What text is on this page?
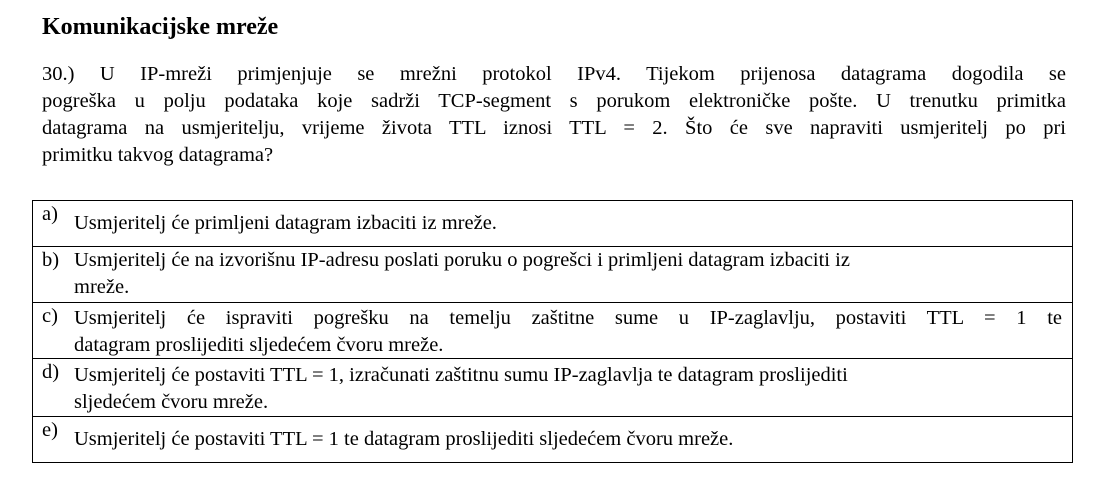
Komunikacijske mreže
30.) U IP-mreži primjenjuje se mrežni protokol IPv4. Tijekom prijenosa datagrama dogodila se
pogreška u polju podataka koje sadrži TCP-segment s porukom elektroničke pošte. U trenutku primitka
datagrama na usmjeritelju, vrijeme života TTL iznosi TTL = 2. Što će sve napraviti usmjeritelj po pri
primitku takvog datagrama?
a) Usmjeritelj će primljeni datagram izbaciti iz mreže.
b) Usmjeritelj će na izvorišnu IP-adresu poslati poruku o pogrešci i primljeni datagram izbaciti iz
mreže.
c) Usmjeritelj će ispraviti pogrešku na temelju zaštitne sume u IP-zaglavlju, postaviti TTL = 1 te
datagram proslijediti sljedećem čvoru mreže.
d) Usmjeritelj će postaviti TTL = 1, izračunati zaštitnu sumu IP-zaglavlja te datagram proslijediti
sljedećem čvoru mreže.
e) Usmjeritelj će postaviti TTL = 1 te datagram proslijediti sljedećem čvoru mreže.
